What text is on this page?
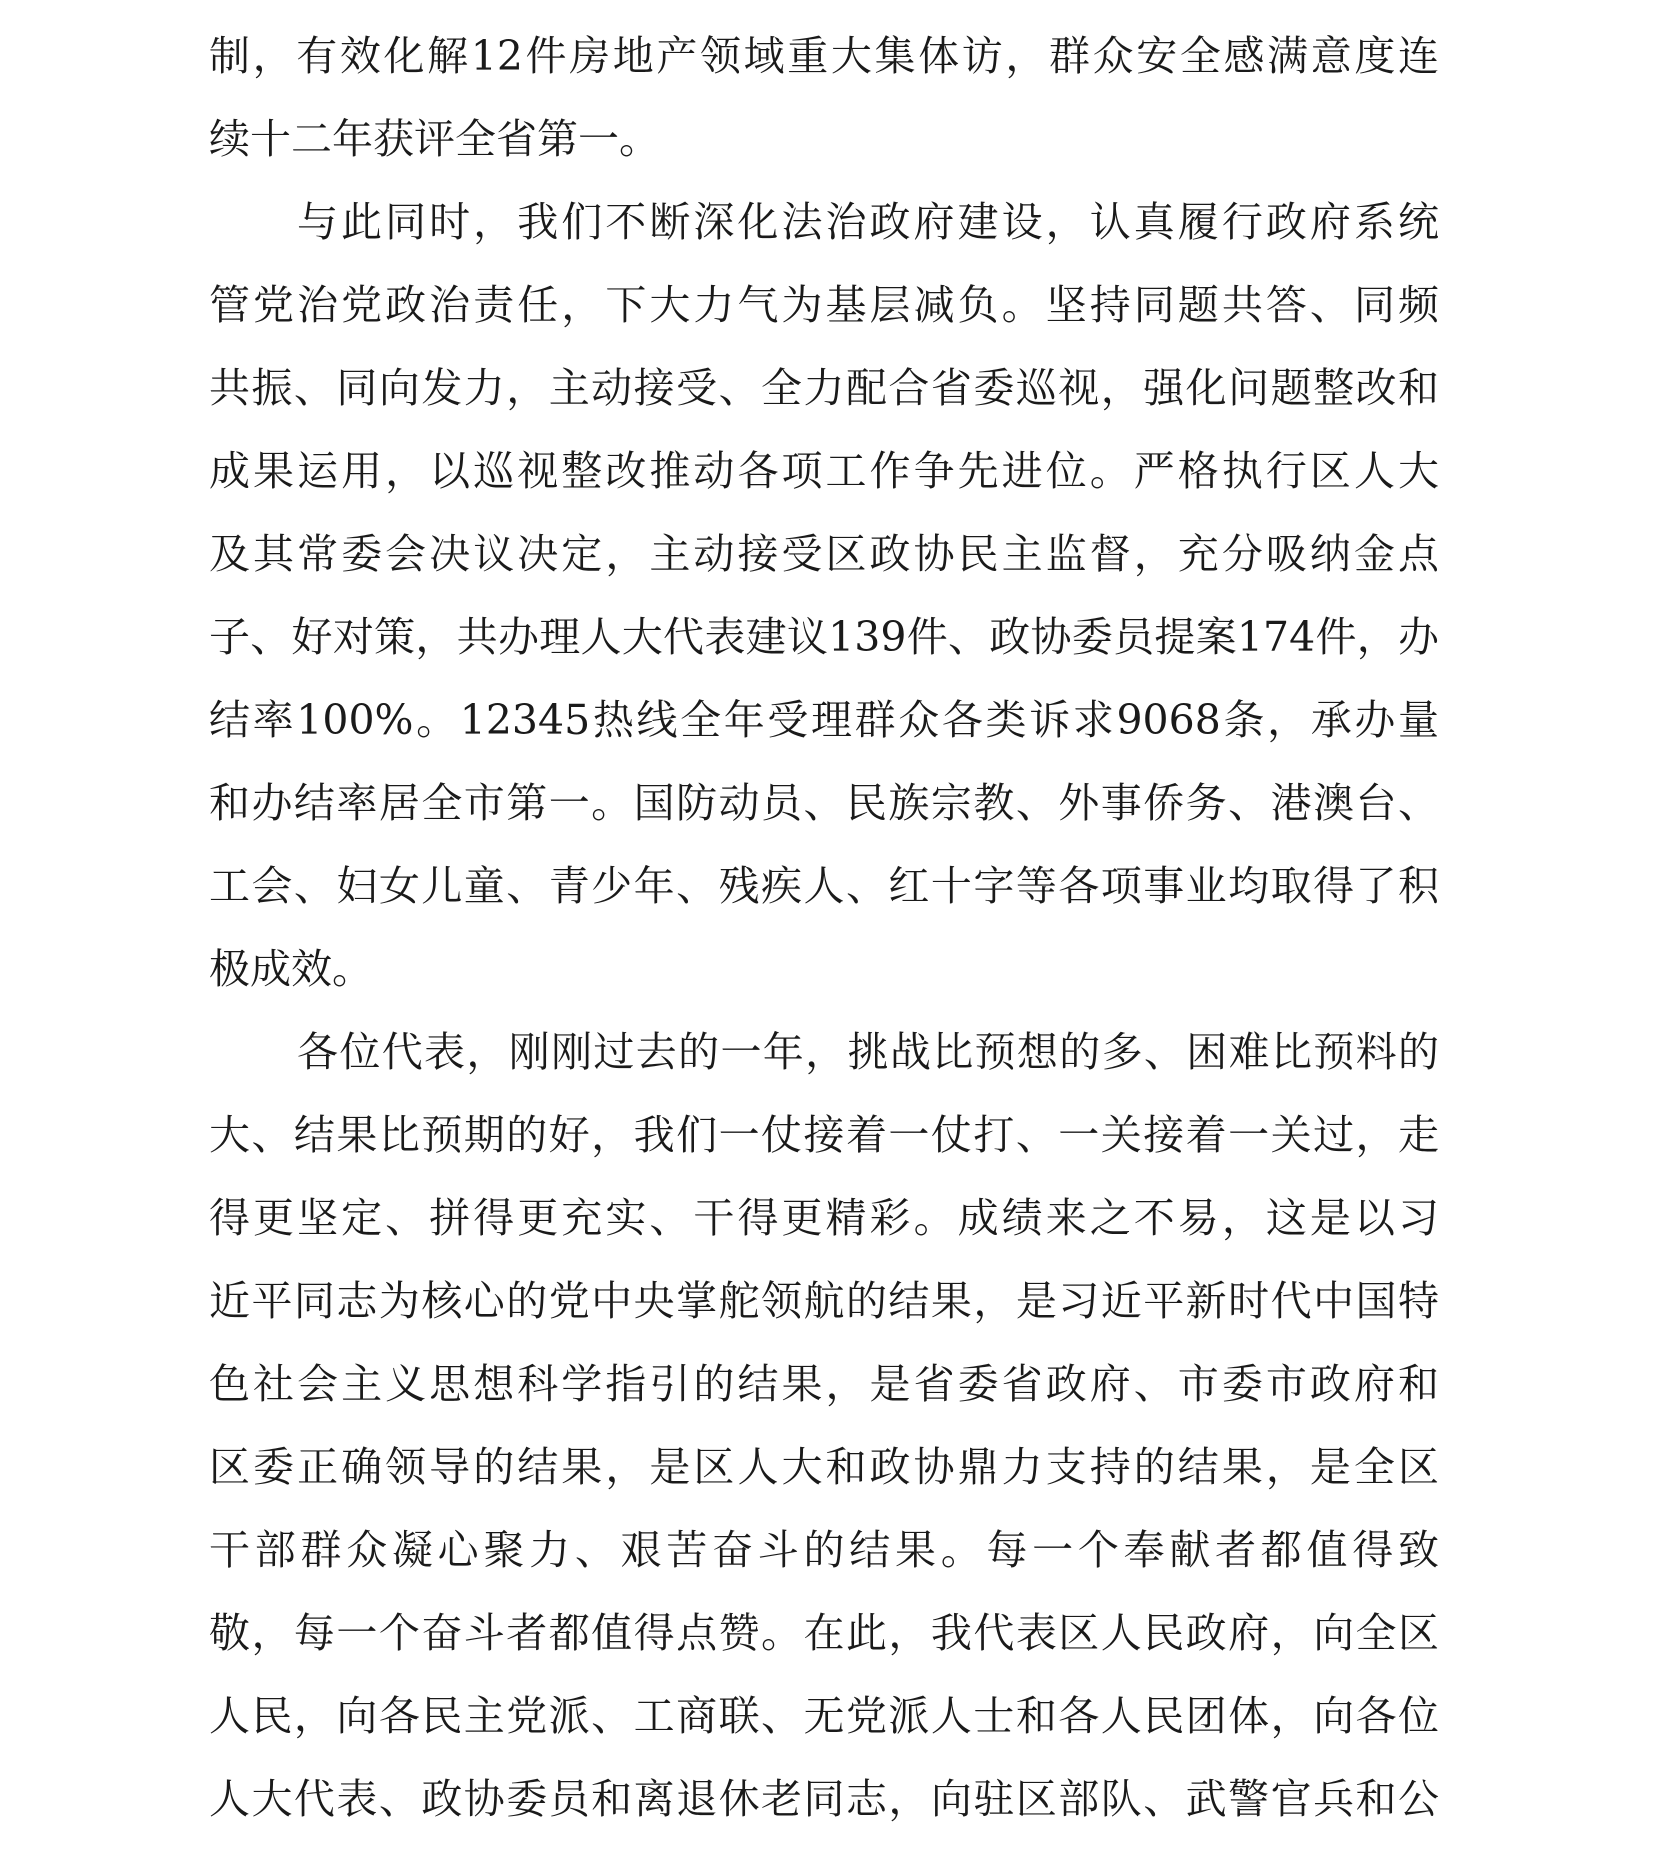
制，有效化解12件房地产领域重大集体访，群众安全感满意度连
续十二年获评全省第一。
与此同时，我们不断深化法治政府建设，认真履行政府系统
管党治党政治责任，下大力气为基层减负。坚持同题共答、同频
共振、同向发力，主动接受、全力配合省委巡视，强化问题整改和
成果运用，以巡视整改推动各项工作争先进位。严格执行区人大
及其常委会决议决定，主动接受区政协民主监督，充分吸纳金点
子、好对策，共办理人大代表建议139件、政协委员提案174件，办
结率100%。12345热线全年受理群众各类诉求9068条，承办量
和办结率居全市第一。国防动员、民族宗教、外事侨务、港澳台、
工会、妇女儿童、青少年、残疾人、红十字等各项事业均取得了积
极成效。
各位代表，刚刚过去的一年，挑战比预想的多、困难比预料的
大、结果比预期的好，我们一仗接着一仗打、一关接着一关过，走
得更坚定、拼得更充实、干得更精彩。成绩来之不易，这是以习
近平同志为核心的党中央掌舵领航的结果，是习近平新时代中国特
色社会主义思想科学指引的结果，是省委省政府、市委市政府和
区委正确领导的结果，是区人大和政协鼎力支持的结果，是全区
干部群众凝心聚力、艰苦奋斗的结果。每一个奉献者都值得致
敬，每一个奋斗者都值得点赞。在此，我代表区人民政府，向全区
人民，向各民主党派、工商联、无党派人士和各人民团体，向各位
人大代表、政协委员和离退休老同志，向驻区部队、武警官兵和公
